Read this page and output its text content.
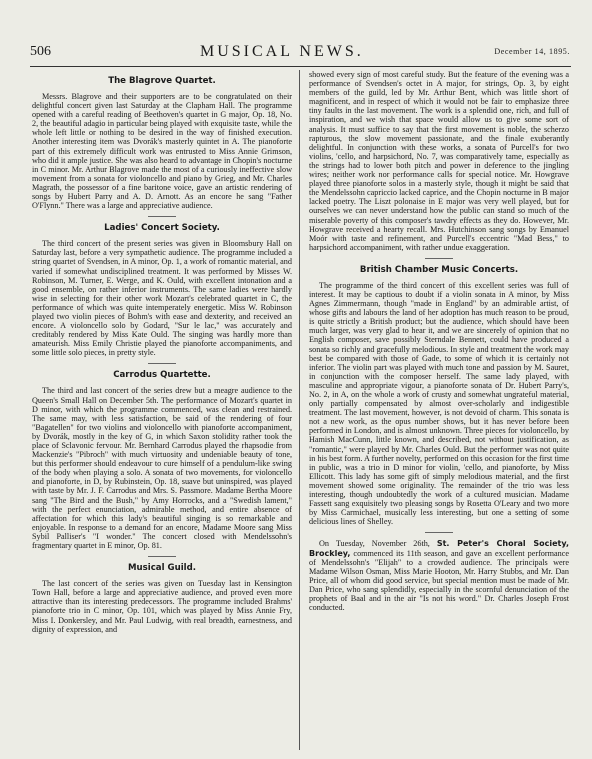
506	MUSICAL NEWS.	December 14, 1895.
The Blagrove Quartet.

Messrs. Blagrove and their supporters are to be congratulated on their delightful concert given last Saturday at the Clapham Hall. The programme opened with a careful reading of Beethoven's quartet in G major, Op. 18, No. 2, the beautiful adagio in particular being played with exquisite taste, while the whole left little or nothing to be desired in the way of finished execution. Another interesting item was Dvorák's masterly quintet in A. The pianoforte part of this extremely difficult work was entrusted to Miss Annie Grimson, who did it ample justice. She was also heard to advantage in Chopin's nocturne in C minor. Mr. Arthur Blagrove made the most of a curiously ineffective slow movement from a sonata for violoncello and piano by Grieg, and Mr. Charles Magrath, the possessor of a fine baritone voice, gave an artistic rendering of songs by Hubert Parry and A. D. Arnott. As an encore he sang "Father O'Flynn." There was a large and appreciative audience.

Ladies' Concert Society.

The third concert of the present series was given in Bloomsbury Hall on Saturday last, before a very sympathetic audience. The programme included a string quartet of Svendsen, in A minor, Op. 1, a work of romantic material, and varied if somewhat undisciplined treatment. It was performed by Misses W. Robinson, M. Turner, E. Werge, and K. Ould, with excellent intonation and a good ensemble, on rather inferior instruments. The same ladies were hardly wise in selecting for their other work Mozart's celebrated quartet in C, the performance of which was quite intemperately energetic. Miss W. Robinson played two violin pieces of Bohm's with ease and dexterity, and received an encore. A violoncello solo by Godard, "Sur le lac," was accurately and creditably rendered by Miss Kate Ould. The singing was hardly more than amateurish. Miss Emily Christie played the pianoforte accompaniments, and some little solo pieces, in pretty style.

Carrodus Quartette.

The third and last concert of the series drew but a meagre audience to the Queen's Small Hall on December 5th. The performance of Mozart's quartet in D minor, with which the programme commenced, was clean and restrained. The same may, with less satisfaction, be said of the rendering of four "Bagatellen" for two violins and violoncello with pianoforte accompaniment, by Dvorák, mostly in the key of G, in which Saxon stolidity rather took the place of Sclavonic fervour. Mr. Bernhard Carrodus played the rhapsodie from Mackenzie's "Pibroch" with much virtuosity and undeniable beauty of tone, but this performer should endeavour to cure himself of a pendulum-like swing of the body when playing a solo. A sonata of two movements, for violoncello and pianoforte, in D, by Rubinstein, Op. 18, suave but uninspired, was played with taste by Mr. J. F. Carrodus and Mrs. S. Passmore. Madame Bertha Moore sang "The Bird and the Bush," by Amy Horrocks, and a "Swedish lament," with the perfect enunciation, admirable method, and entire absence of affectation for which this lady's beautiful singing is so remarkable and enjoyable. In response to a demand for an encore, Madame Moore sang Miss Sybil Palliser's "I wonder." The concert closed with Mendelssohn's fragmentary quartet in E minor, Op. 81.

Musical Guild.

The last concert of the series was given on Tuesday last in Kensington Town Hall, before a large and appreciative audience, and proved even more attractive than its interesting predecessors. The programme included Brahms' pianoforte trio in C minor, Op. 101, which was played by Miss Annie Fry, Miss I. Donkersley, and Mr. Paul Ludwig, with real breadth, earnestness, and dignity of expression, and

showed every sign of most careful study. But the feature of the evening was a performance of Svendsen's octet in A major, for strings, Op. 3, by eight members of the guild, led by Mr. Arthur Bent, which was little short of magnificent, and in respect of which it would not be fair to emphasize three tiny faults in the last movement. The work is a splendid one, rich, and full of inspiration, and we wish that space would allow us to give some sort of analysis. It must suffice to say that the first movement is noble, the scherzo rapturous, the slow movement passionate, and the finale exuberantly delightful. In conjunction with these works, a sonata of Purcell's for two violins, 'cello, and harpsichord, No. 7, was comparatively tame, especially as the strings had to lower both pitch and power in deference to the jingling wires; neither work nor performance calls for special notice. Mr. Howgrave played three pianoforte solos in a masterly style, though it might be said that the Mendelssohn capriccio lacked caprice, and the Chopin nocturne in B major lacked poetry. The Liszt polonaise in E major was very well played, but for ourselves we can never understand how the public can stand so much of the miserable poverty of this composer's tawdry effects as they do. However, Mr. Howgrave received a hearty recall. Mrs. Hutchinson sang songs by Emanuel Moór with taste and refinement, and Purcell's eccentric "Mad Bess," to harpsichord accompaniment, with rather undue exaggeration.

British Chamber Music Concerts.

The programme of the third concert of this excellent series was full of interest. It may be captious to doubt if a violin sonata in A minor, by Miss Agnes Zimmermann, though "made in England" by an admirable artist, of whose gifts and labours the land of her adoption has much reason to be proud, is quite strictly a British product; but the audience, which should have been much larger, was very glad to hear it, and we are sincerely of opinion that no English composer, save possibly Sterndale Bennett, could have produced a sonata so richly and gracefully melodious. In style and treatment the work may best be compared with those of Gade, to some of which it is certainly not inferior. The violin part was played with much tone and passion by M. Sauret, in conjunction with the composer herself. The same lady played, with masculine and appropriate vigour, a pianoforte sonata of Dr. Hubert Parry's, No. 2, in A, on the whole a work of crusty and somewhat ungrateful material, only partially compensated by almost over-scholarly and indigestible treatment. The last movement, however, is not devoid of charm. This sonata is not a new work, as the opus number shows, but it has never before been performed in London, and is almost unknown. Three pieces for violoncello, by Hamish MacCunn, little known, and described, not without justification, as "romantic," were played by Mr. Charles Ould. But the performer was not quite in his best form. A further novelty, performed on this occasion for the first time in public, was a trio in D minor for violin, 'cello, and pianoforte, by Miss Ellicott. This lady has some gift of simply melodious material, and the first movement showed some originality. The remainder of the trio was less interesting, though undoubtedly the work of a cultured musician. Madame Fassett sang exquisitely two pleasing songs by Rosetta O'Leary and two more by Miss Carmichael, musically less interesting, but one a setting of some delicious lines of Shelley.

On Tuesday, November 26th, St. Peter's Choral Society, Brockley, commenced its 11th season, and gave an excellent performance of Mendelssohn's "Elijah" to a crowded audience. The principals were Madame Wilson Osman, Miss Marie Hooton, Mr. Harry Stubbs, and Mr. Dan Price, all of whom did good service, but special mention must be made of Mr. Dan Price, who sang splendidly, especially in the scornful denunciation of the prophets of Baal and in the air "Is not his word." Dr. Charles Joseph Frost conducted.
